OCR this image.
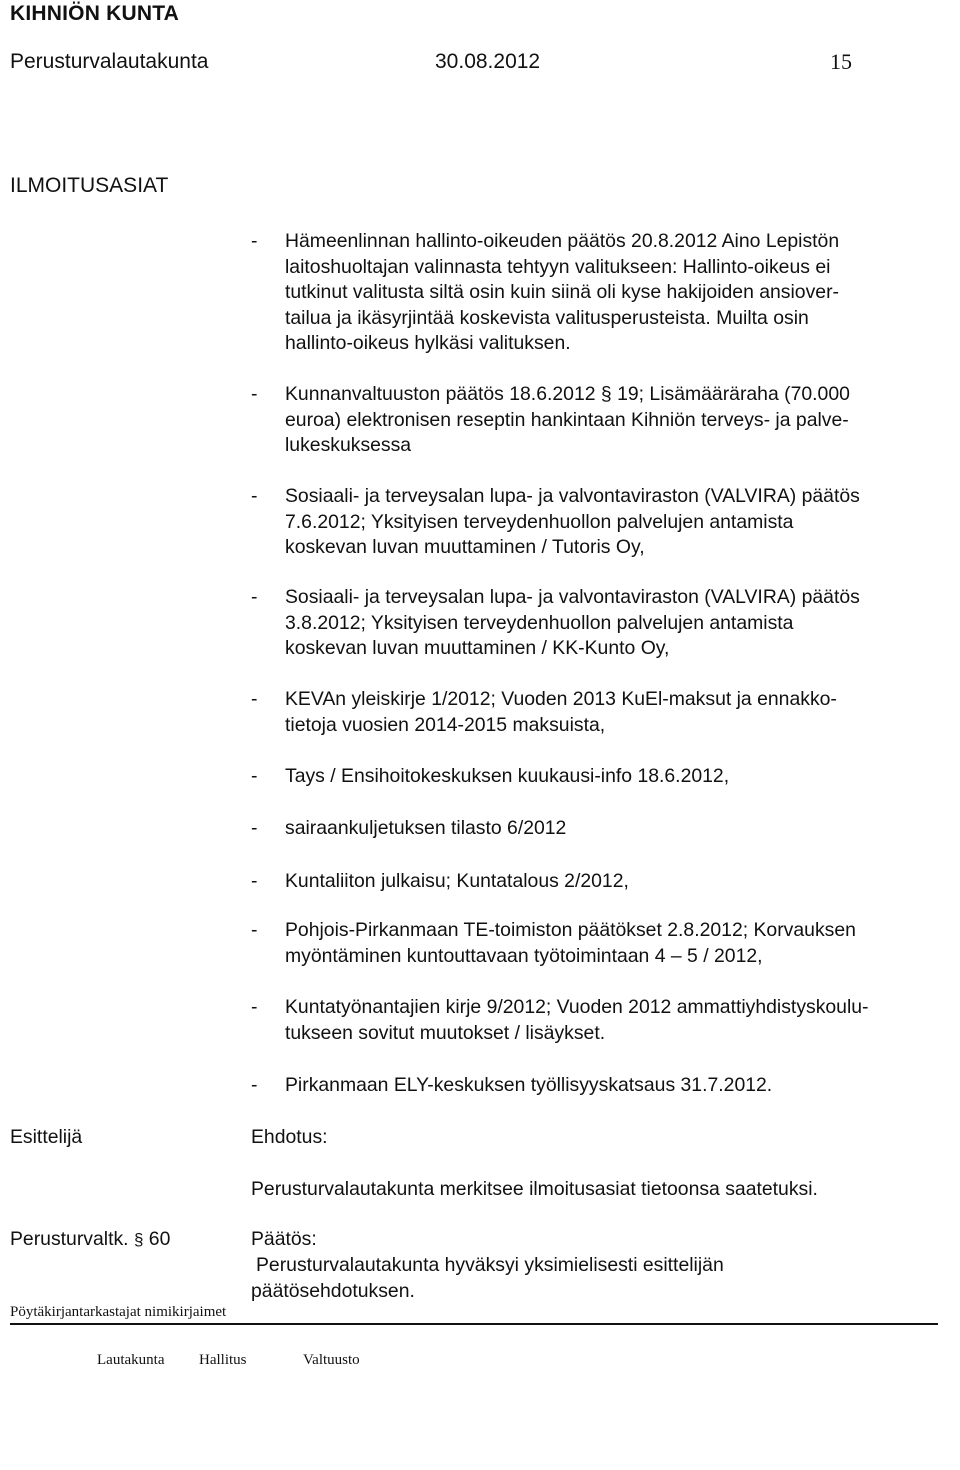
KIHNIÖN KUNTA
Perusturvalautakunta	30.08.2012	15
ILMOITUSASIAT
-	Hämeenlinnan hallinto-oikeuden päätös 20.8.2012 Aino Lepistön
laitoshuoltajan valinnasta tehtyyn valitukseen: Hallinto-oikeus ei
tutkinut valitusta siltä osin kuin siinä oli kyse hakijoiden ansiover-
tailua ja ikäsyrjintää koskevista valitusperusteista. Muilta osin
hallinto-oikeus hylkäsi valituksen.
-	Kunnanvaltuuston päätös 18.6.2012 § 19; Lisämääräraha (70.000
euroa) elektronisen reseptin hankintaan Kihniön terveys- ja palve-
lukeskuksessa
-	Sosiaali- ja terveysalan lupa- ja valvontaviraston (VALVIRA) päätös
7.6.2012; Yksityisen terveydenhuollon palvelujen antamista
koskevan luvan muuttaminen / Tutoris Oy,
-	Sosiaali- ja terveysalan lupa- ja valvontaviraston (VALVIRA) päätös
3.8.2012; Yksityisen terveydenhuollon palvelujen antamista
koskevan luvan muuttaminen / KK-Kunto Oy,
-	KEVAn yleiskirje 1/2012; Vuoden 2013 KuEl-maksut ja ennakko-
tietoja vuosien 2014-2015 maksuista,
-	Tays / Ensihoitokeskuksen kuukausi-info 18.6.2012,
-	sairaankuljetuksen tilasto 6/2012
-	Kuntaliiton julkaisu; Kuntatalous 2/2012,
-	Pohjois-Pirkanmaan TE-toimiston päätökset 2.8.2012; Korvauksen
myöntäminen kuntouttavaan työtoimintaan 4 – 5 / 2012,
-	Kuntatyönantajien kirje 9/2012; Vuoden 2012 ammattiyhdistyskoulu-
tukseen sovitut muutokset / lisäykset.
-	Pirkanmaan ELY-keskuksen työllisyyskatsaus 31.7.2012.
Esittelijä	Ehdotus:
Perusturvalautakunta merkitsee ilmoitusasiat tietoonsa saatetuksi.
Perusturvaltk. § 60	Päätös:
Perusturvalautakunta hyväksyi yksimielisesti esittelijän
päätösehdotuksen.
Pöytäkirjantarkastajat nimikirjaimet
Lautakunta Hallitus	Valtuusto
